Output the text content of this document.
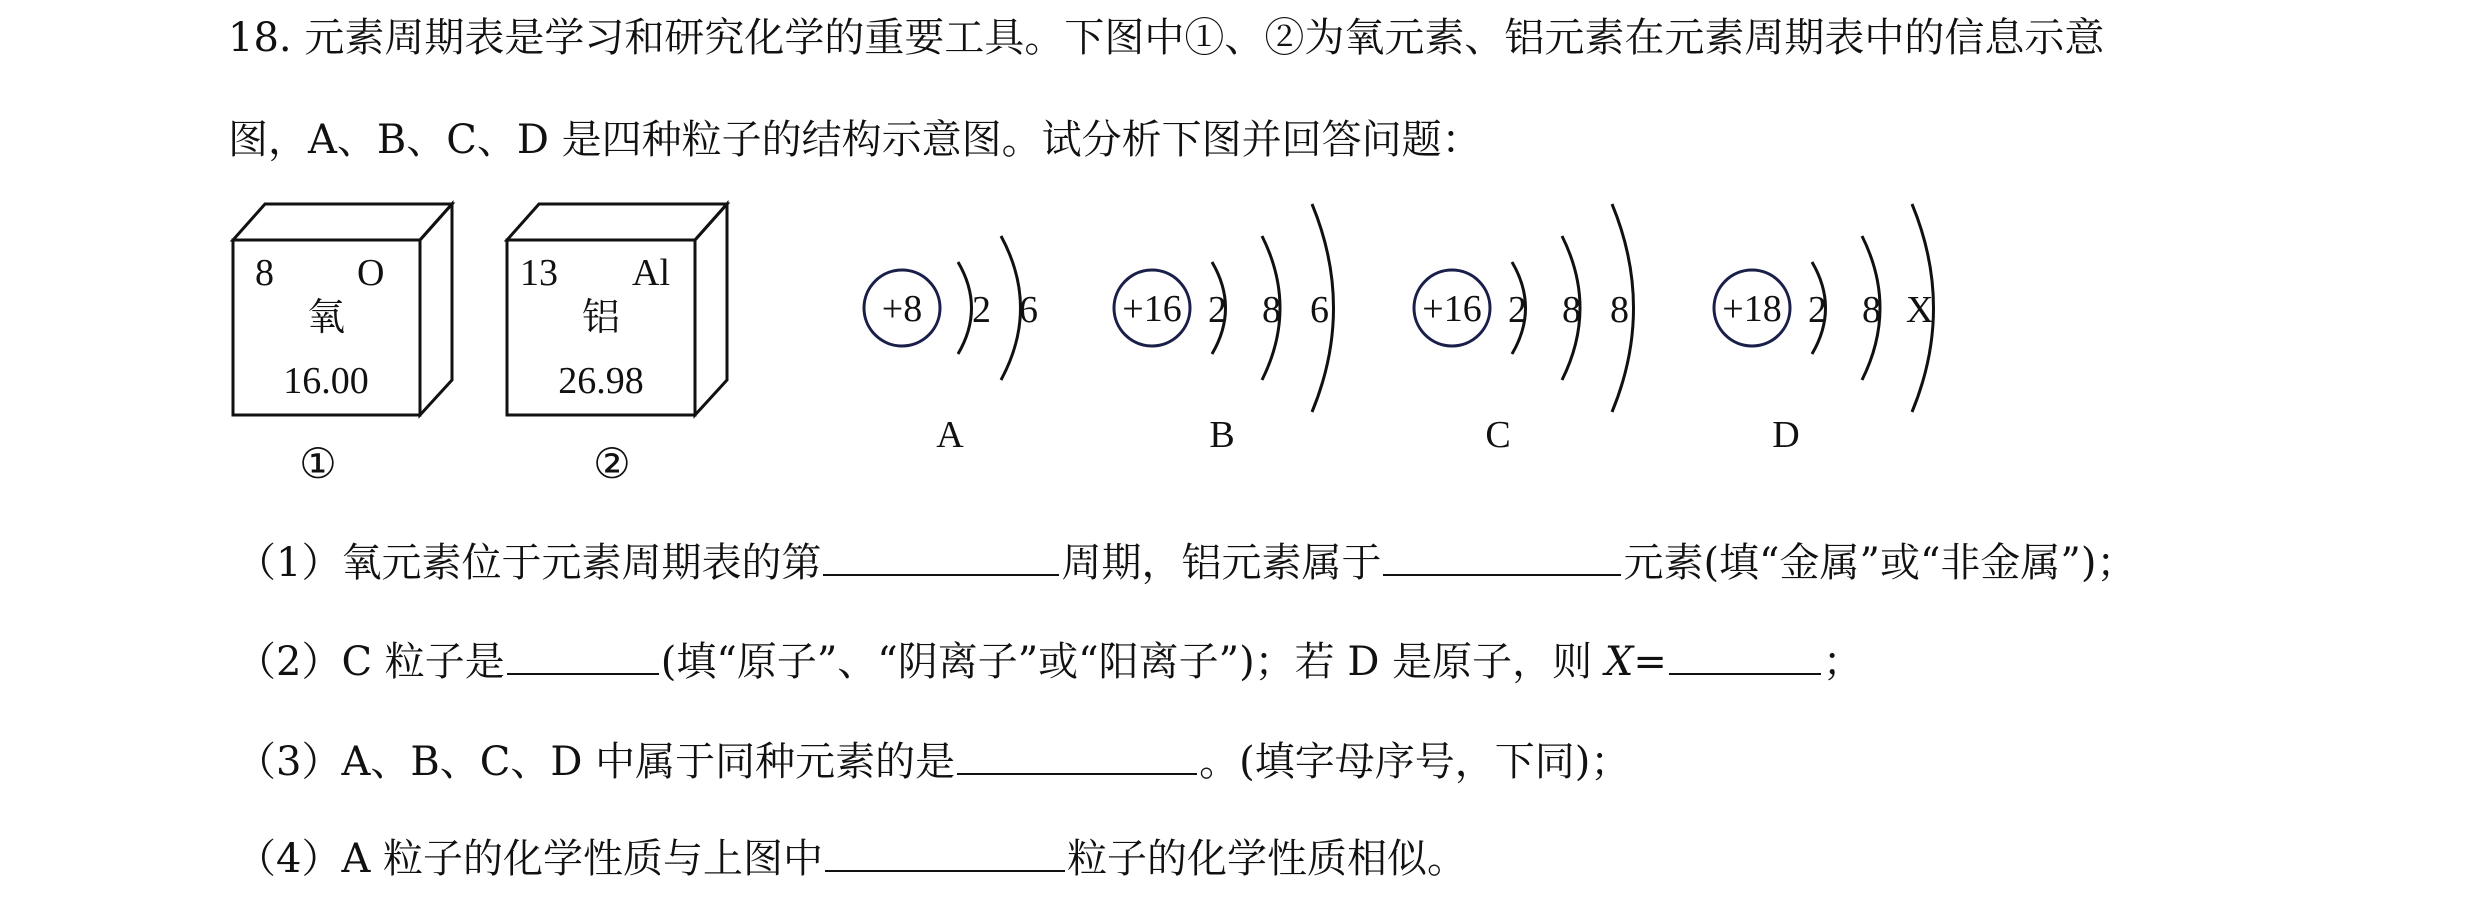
18. 元素周期表是学习和研究化学的重要工具。下图中①、②为氧元素、铝元素在元素周期表中的信息示意
图，A、B、C、D 是四种粒子的结构示意图。试分析下图并回答问题：
8 O
氧
16.00
①
13 Al
铝
26.98
②
+8 2 6
A
+16 2 8 6
B
+16 2 8 8
C
+18 2 8 X
D
（1）氧元素位于元素周期表的第	周期，铝元素属于	元素(填“金属”或“非金属”)；
（2）C 粒子是	(填“原子”、“阴离子”或“阳离子”)；若 D 是原子，则 X=	；
（3）A、B、C、D 中属于同种元素的是	。(填字母序号，下同)；
（4）A 粒子的化学性质与上图中	粒子的化学性质相似。
